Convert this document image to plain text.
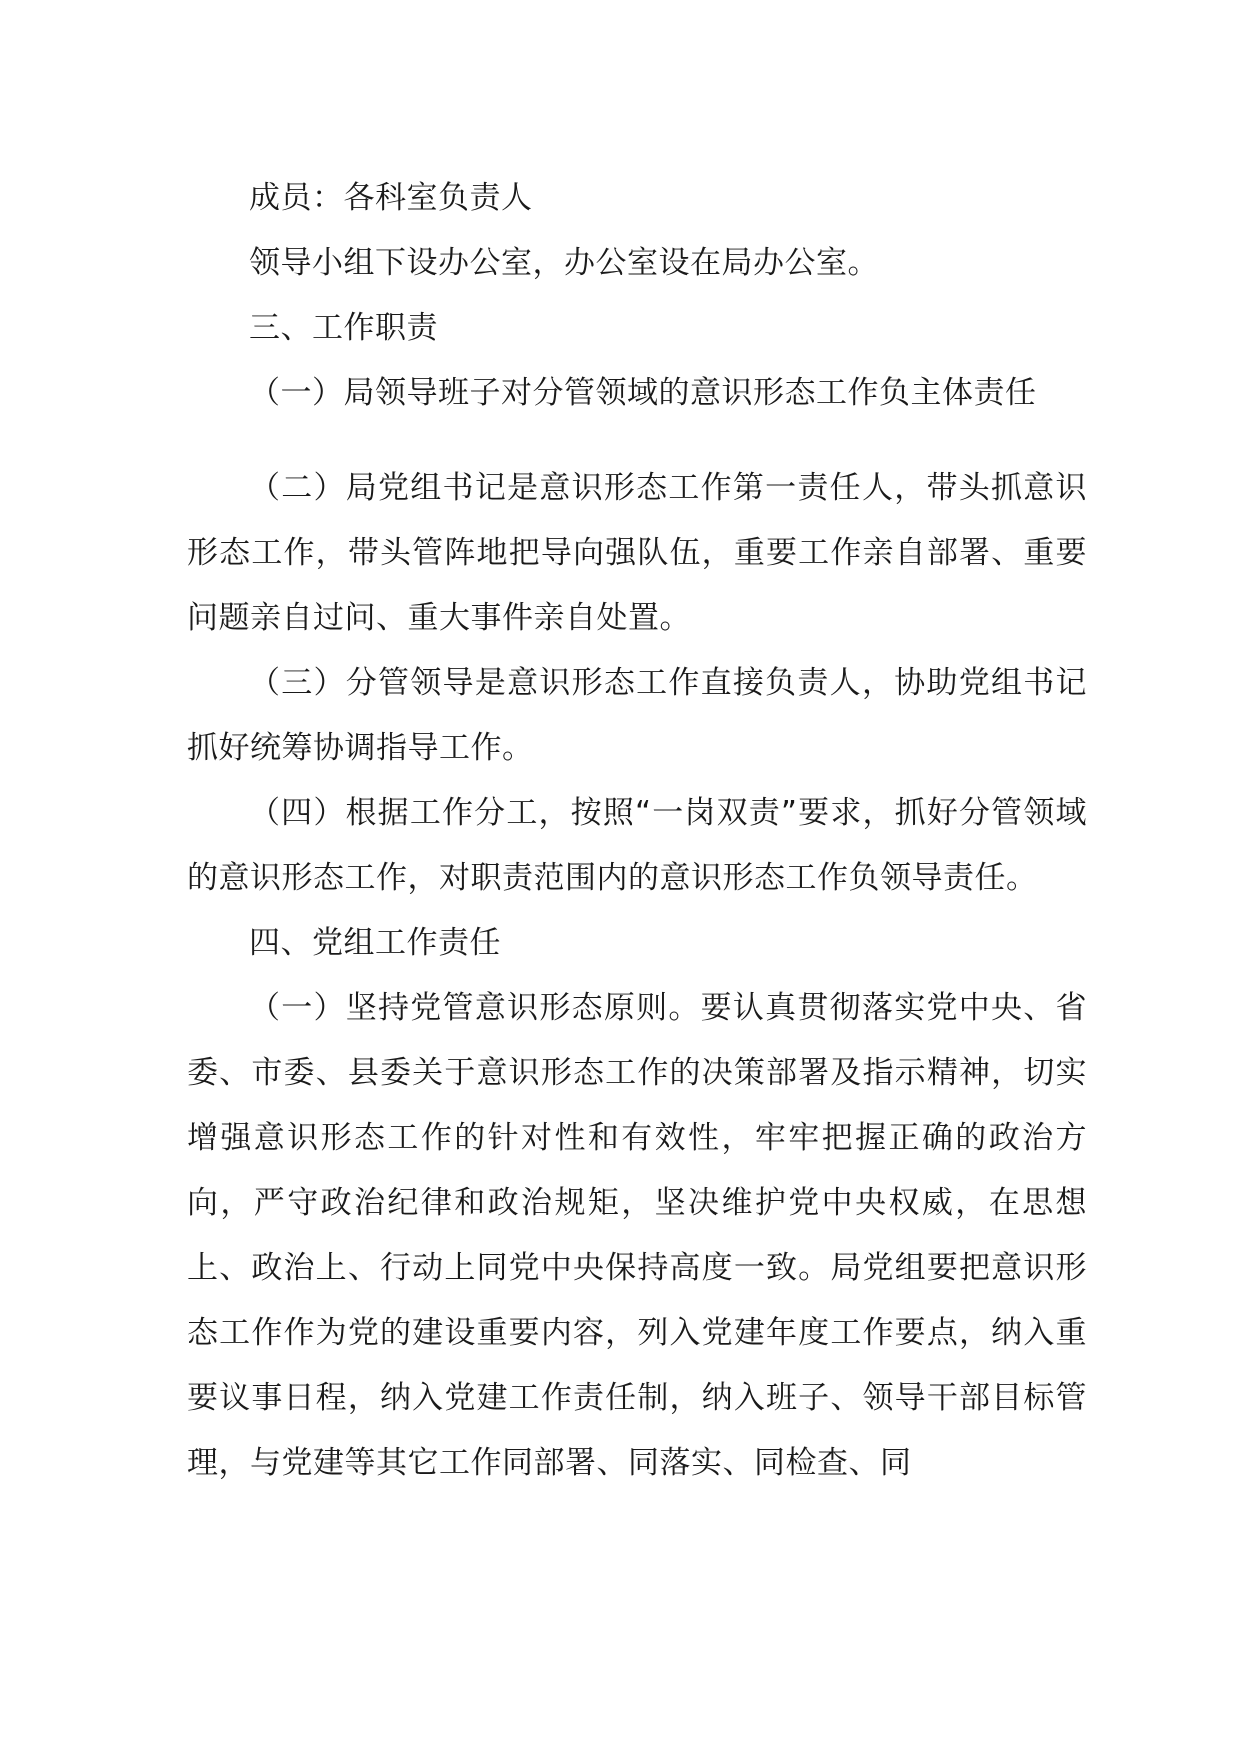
成员：各科室负责人

领导小组下设办公室，办公室设在局办公室。

三、工作职责

（一）局领导班子对分管领域的意识形态工作负主体责任

（二）局党组书记是意识形态工作第一责任人，带头抓意识形态工作，带头管阵地把导向强队伍，重要工作亲自部署、重要问题亲自过问、重大事件亲自处置。

（三）分管领导是意识形态工作直接负责人，协助党组书记抓好统筹协调指导工作。

（四）根据工作分工，按照“一岗双责”要求，抓好分管领域的意识形态工作，对职责范围内的意识形态工作负领导责任。

四、党组工作责任

（一）坚持党管意识形态原则。要认真贯彻落实党中央、省委、市委、县委关于意识形态工作的决策部署及指示精神，切实增强意识形态工作的针对性和有效性，牢牢把握正确的政治方向，严守政治纪律和政治规矩，坚决维护党中央权威，在思想上、政治上、行动上同党中央保持高度一致。局党组要把意识形态工作作为党的建设重要内容，列入党建年度工作要点，纳入重要议事日程，纳入党建工作责任制，纳入班子、领导干部目标管理，与党建等其它工作同部署、同落实、同检查、同
